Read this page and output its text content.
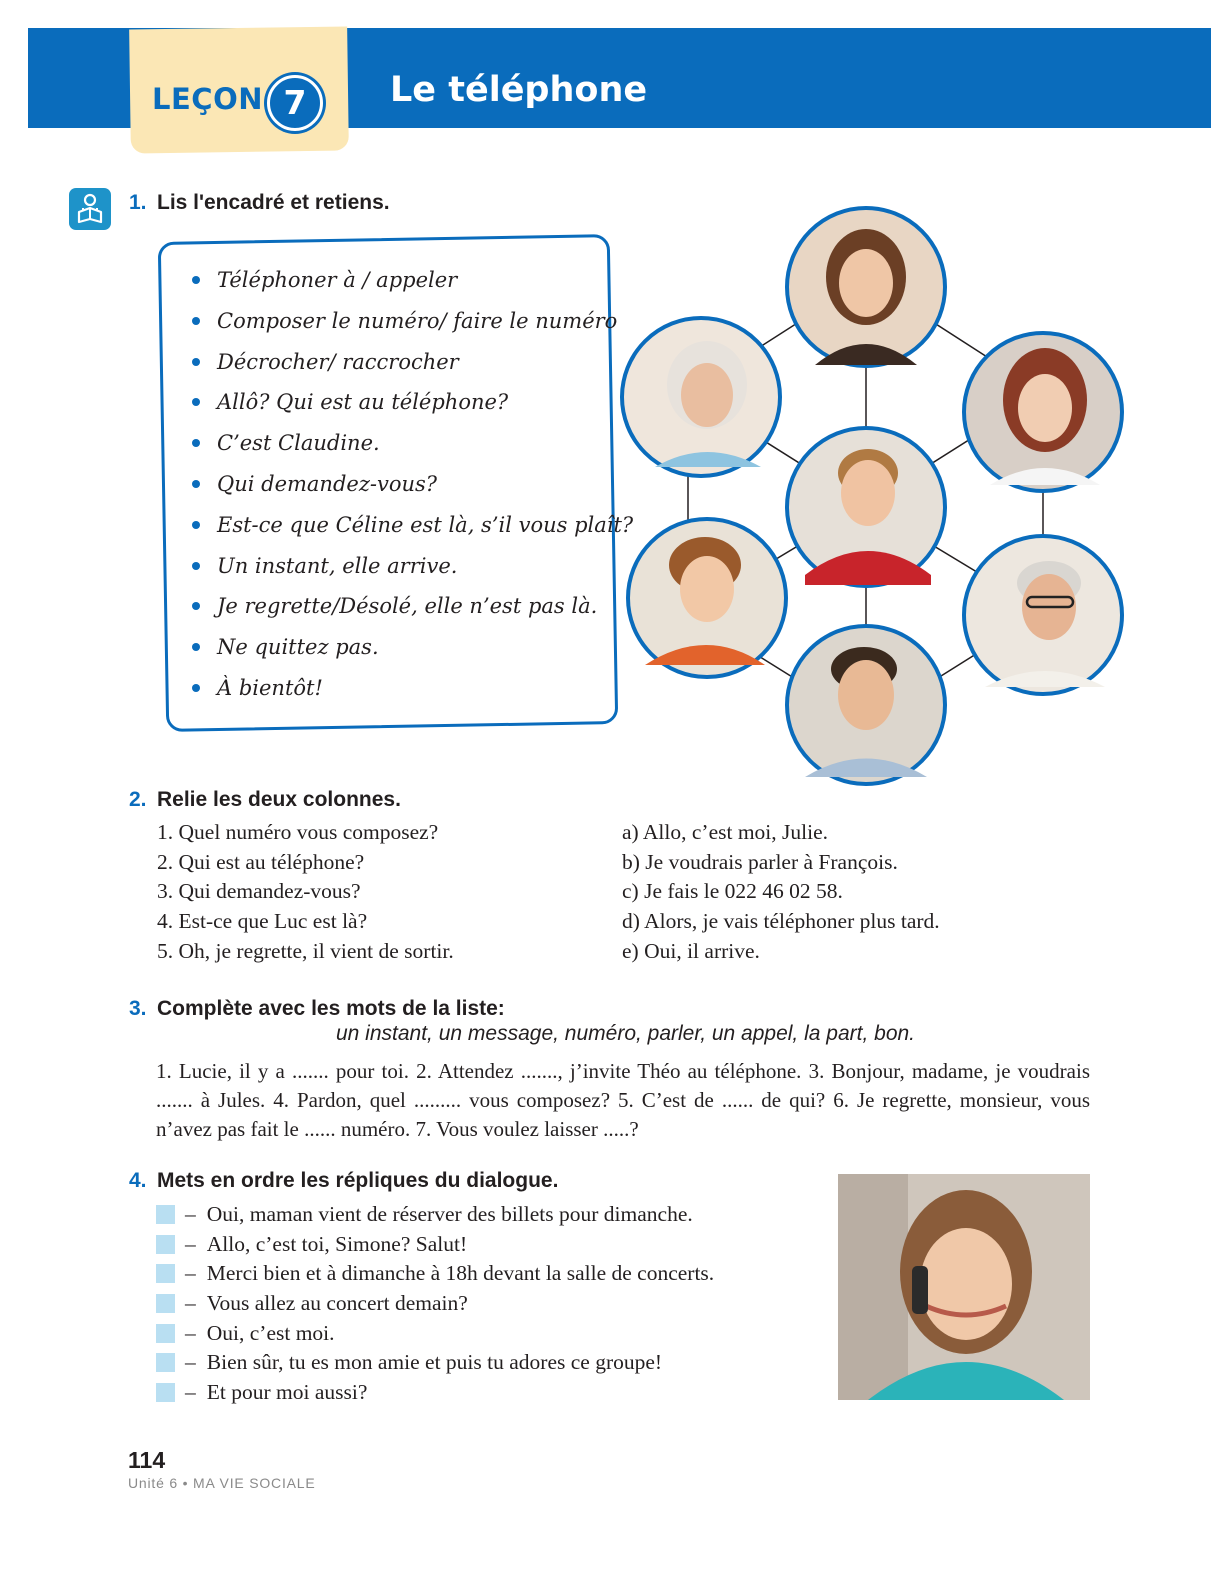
LEÇON 7	Le téléphone
1. Lis l'encadré et retiens.
Téléphoner à / appeler
Composer le numéro/ faire le numéro
Décrocher/ raccrocher
Allô? Qui est au téléphone?
C’est Claudine.
Qui demandez-vous?
Est-ce que Céline est là, s’il vous plaît?
Un instant, elle arrive.
Je regrette/Désolé, elle n’est pas là.
Ne quittez pas.
À bientôt!
2. Relie les deux colonnes.
1. Quel numéro vous composez?
2. Qui est au téléphone?
3. Qui demandez-vous?
4. Est-ce que Luc est là?
5. Oh, je regrette, il vient de sortir.
a) Allo, c’est moi, Julie.
b) Je voudrais parler à François.
c) Je fais le 022 46 02 58.
d) Alors, je vais téléphoner plus tard.
e) Oui, il arrive.
3. Complète avec les mots de la liste:
un instant, un message, numéro, parler, un appel, la part, bon.
1. Lucie, il y a ....... pour toi. 2. Attendez ......., j’invite Théo au téléphone. 3. Bonjour, madame, je voudrais ....... à Jules. 4. Pardon, quel ......... vous composez? 5. C’est de ...... de qui? 6. Je regrette, monsieur, vous n’avez pas fait le ...... numéro. 7. Vous voulez laisser .....?
4. Mets en ordre les répliques du dialogue.
– Oui, maman vient de réserver des billets pour dimanche.
– Allo, c’est toi, Simone? Salut!
– Merci bien et à dimanche à 18h devant la salle de concerts.
– Vous allez au concert demain?
– Oui, c’est moi.
– Bien sûr, tu es mon amie et puis tu adores ce groupe!
– Et pour moi aussi?
114
Unité 6 • MA VIE SOCIALE
